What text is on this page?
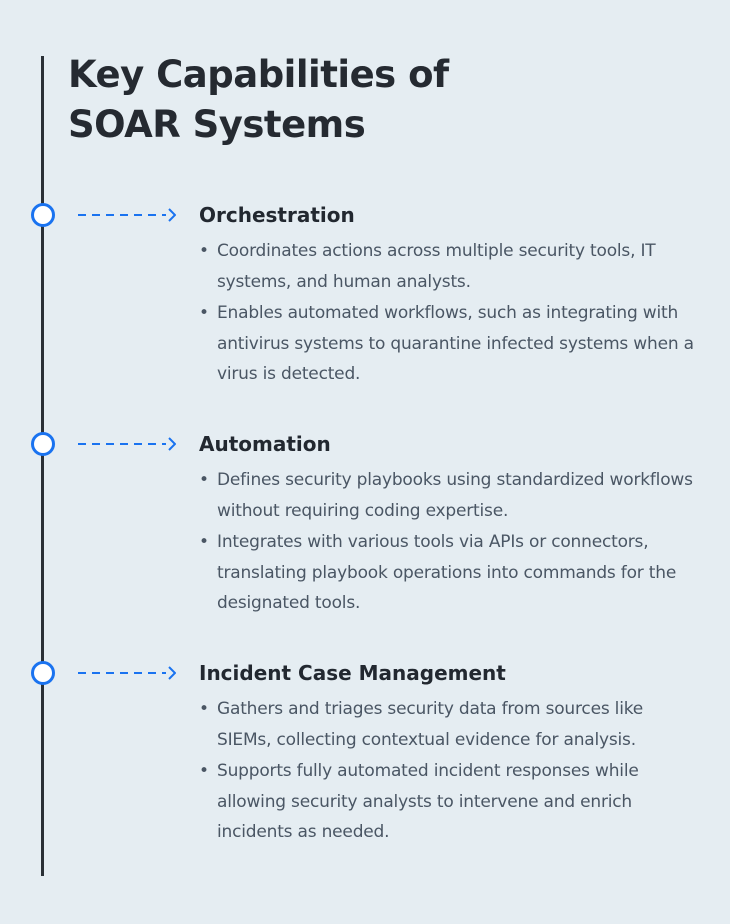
Key Capabilities of
SOAR Systems
Orchestration
• Coordinates actions across multiple security tools, IT systems, and human analysts.
• Enables automated workflows, such as integrating with antivirus systems to quarantine infected systems when a virus is detected.
Automation
• Defines security playbooks using standardized workflows without requiring coding expertise.
• Integrates with various tools via APIs or connectors, translating playbook operations into commands for the designated tools.
Incident Case Management
• Gathers and triages security data from sources like SIEMs, collecting contextual evidence for analysis.
• Supports fully automated incident responses while allowing security analysts to intervene and enrich incidents as needed.
